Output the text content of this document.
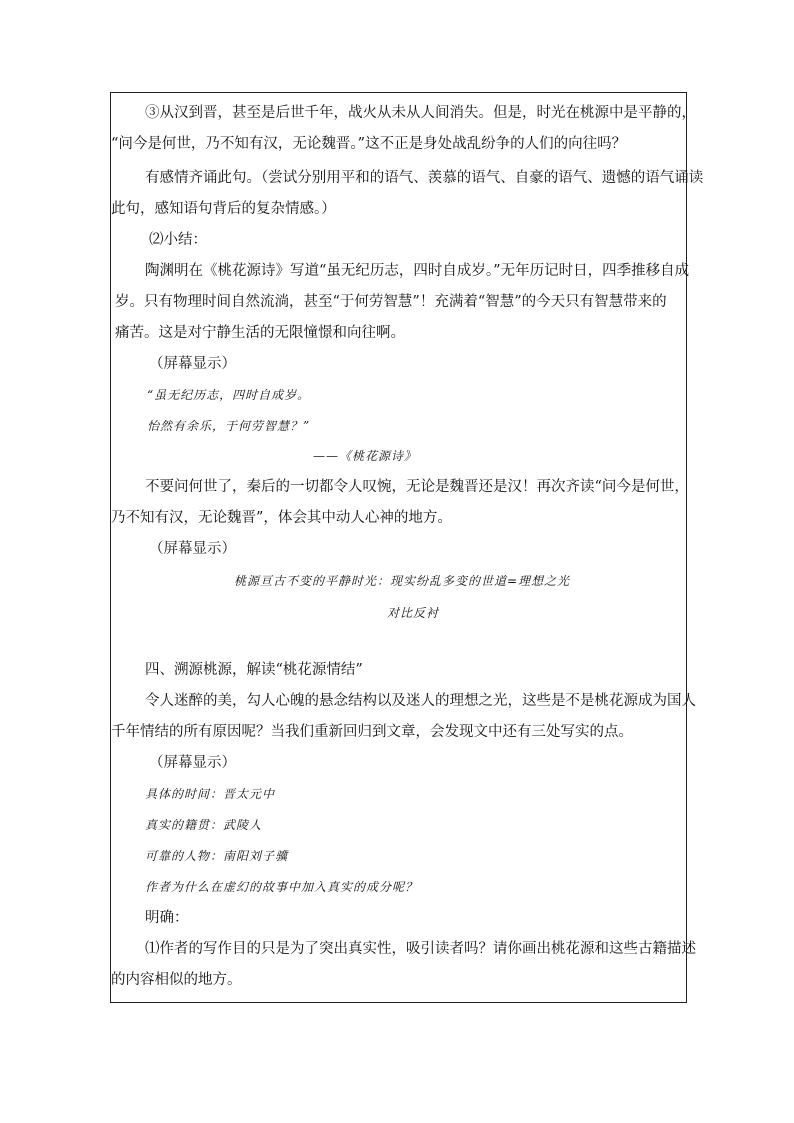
③从汉到晋，甚至是后世千年，战火从未从人间消失。但是，时光在桃源中是平静的，
“问今是何世，乃不知有汉，无论魏晋。”这不正是身处战乱纷争的人们的向往吗？
有感情齐诵此句。（尝试分别用平和的语气、羡慕的语气、自豪的语气、遗憾的语气诵读
此句，感知语句背后的复杂情感。）
⑵小结：
陶渊明在《桃花源诗》写道“虽无纪历志，四时自成岁。”无年历记时日，四季推移自成
岁。只有物理时间自然流淌，甚至“于何劳智慧”！充满着“智慧”的今天只有智慧带来的
痛苦。这是对宁静生活的无限憧憬和向往啊。
（屏幕显示）
“虽无纪历志，四时自成岁。
怡然有余乐，于何劳智慧？”
——《桃花源诗》
不要问何世了，秦后的一切都令人叹惋，无论是魏晋还是汉！再次齐读“问今是何世，
乃不知有汉，无论魏晋”，体会其中动人心神的地方。
（屏幕显示）
桃源亘古不变的平静时光：现实纷乱多变的世道=理想之光
对比反衬
四、溯源桃源，解读“桃花源情结”
令人迷醉的美，勾人心魄的悬念结构以及迷人的理想之光，这些是不是桃花源成为国人
千年情结的所有原因呢？当我们重新回归到文章，会发现文中还有三处写实的点。
（屏幕显示）
具体的时间：晋太元中
真实的籍贯：武陵人
可靠的人物：南阳刘子骥
作者为什么在虚幻的故事中加入真实的成分呢？
明确：
⑴作者的写作目的只是为了突出真实性，吸引读者吗？请你画出桃花源和这些古籍描述
的内容相似的地方。
